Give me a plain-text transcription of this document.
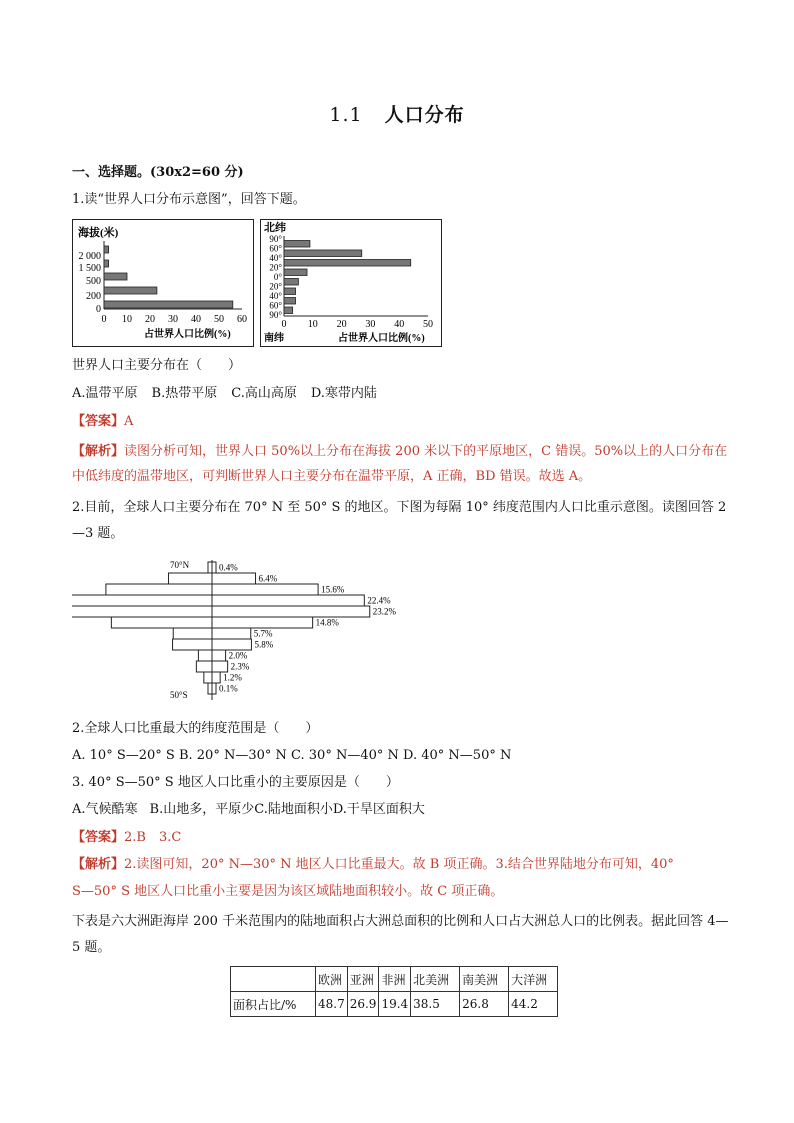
1.1 人口分布
一、选择题。(30x2=60 分)
1.读“世界人口分布示意图”，回答下题。
海拔(米)
2 000
1 500
500
200
0
0 10 20 30 40 50 60
占世界人口比例(%)
北纬
90°
60°
40°
20°
0°
20°
40°
60°
90°
0 10 20 30 40 50
南纬	占世界人口比例(%)
世界人口主要分布在（　　）
A.温带平原 B.热带平原 C.高山高原 D.寒带内陆
【答案】A
【解析】读图分析可知，世界人口 50%以上分布在海拔 200 米以下的平原地区，C 错误。50%以上的人口分布在中低纬度的温带地区，可判断世界人口主要分布在温带平原，A 正确，BD 错误。故选 A。
2.目前，全球人口主要分布在 70° N 至 50° S 的地区。下图为每隔 10° 纬度范围内人口比重示意图。读图回答 2—3 题。
0.4%
6.4%
15.6%
22.4%
23.2%
14.8%
5.7%
5.8%
2.0%
2.3%
1.2%
0.1%
70°N
50°S
2.全球人口比重最大的纬度范围是（　　）
A. 10° S—20° S B. 20° N—30° N C. 30° N—40° N D. 40° N—50° N
3. 40° S—50° S 地区人口比重小的主要原因是（　　）
A.气候酷寒 B.山地多，平原少C.陆地面积小D.干旱区面积大
【答案】2.B　3.C
【解析】2.读图可知，20° N—30° N 地区人口比重最大。故 B 项正确。3.结合世界陆地分布可知，40°
S—50° S 地区人口比重小主要是因为该区域陆地面积较小。故 C 项正确。
下表是六大洲距海岸 200 千米范围内的陆地面积占大洲总面积的比例和人口占大洲总人口的比例表。据此回答 4—5 题。
	欧洲	亚洲	非洲	北美洲	南美洲	大洋洲
面积占比/%	48.7	26.9	19.4	38.5	26.8	44.2
